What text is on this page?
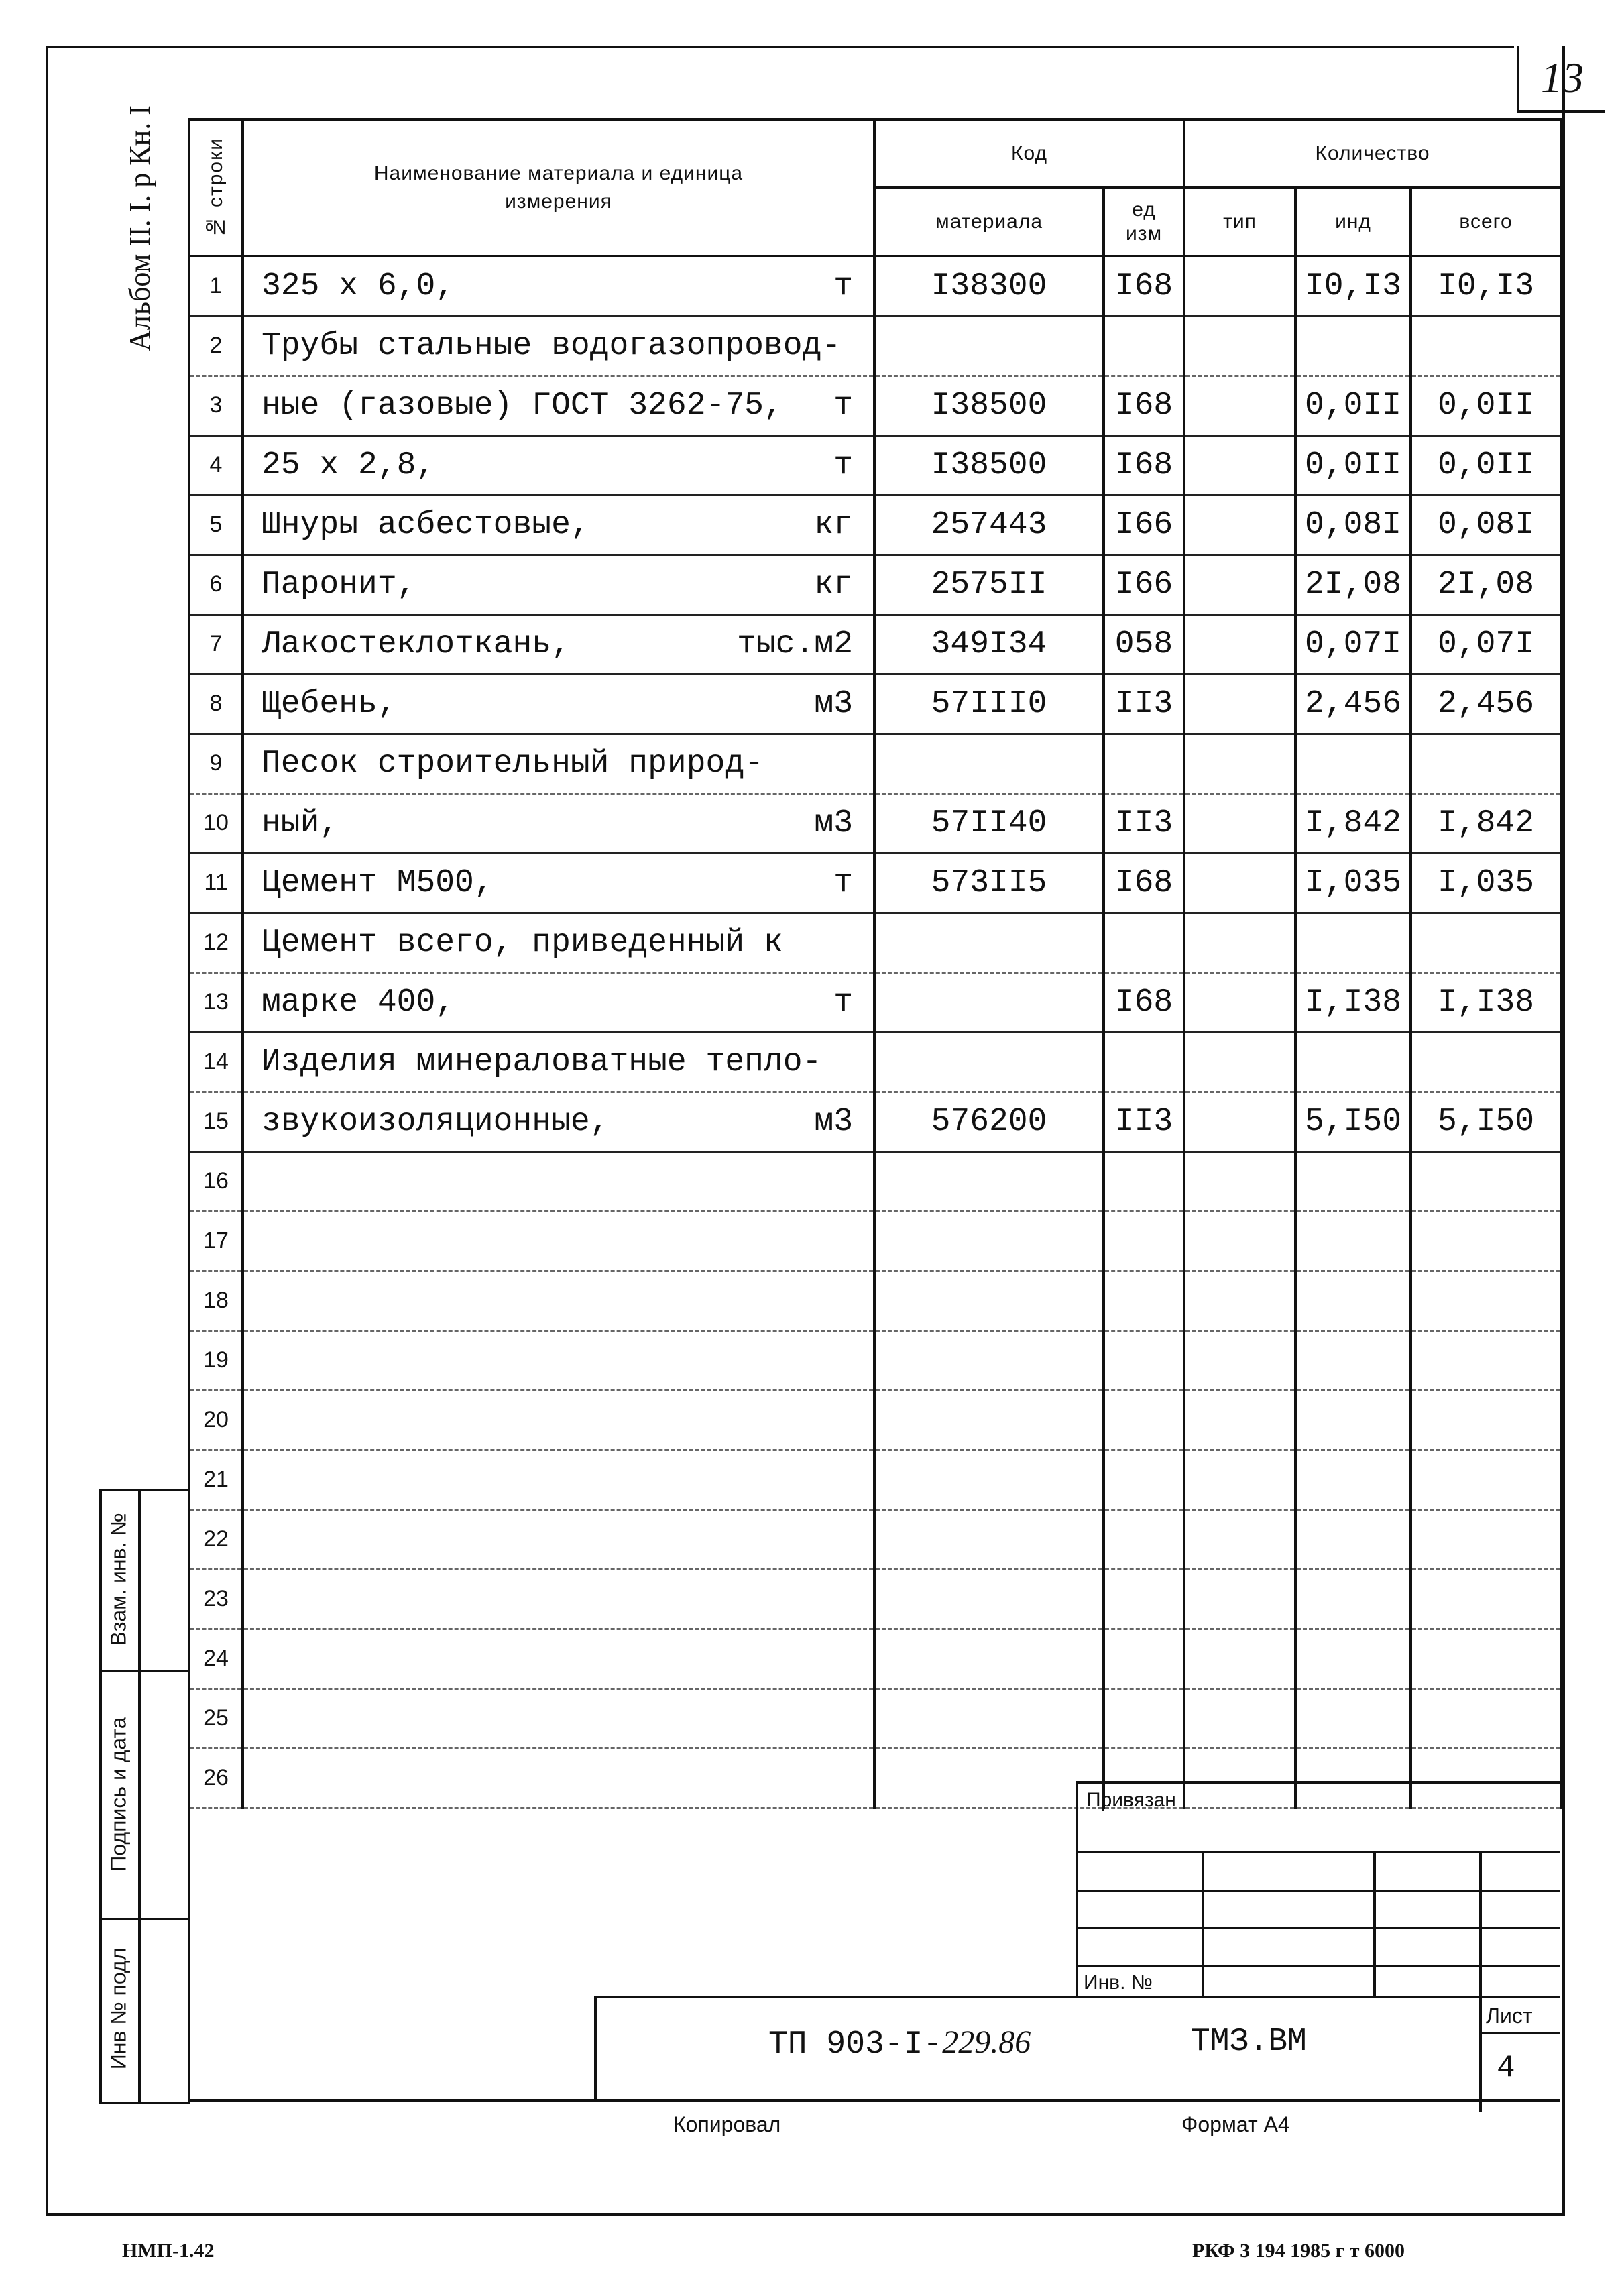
13
Альбом II. I. р Кн. I № строки	Наименование материала и единица измерения	Код		Количество		
		материала	ед изм	тип	инд	всего
1	325 х 6,0, т	I38300	I68		I0,I3	I0,I3
2	Трубы стальные водогазопровод-					
3	ные (газовые) ГОСТ 3262-75, т	I38500	I68		0,0II	0,0II
4	25 х 2,8, т	I38500	I68		0,0II	0,0II
5	Шнуры асбестовые, кг	257443	I66		0,08I	0,08I
6	Паронит, кг	2575II	I66		2I,08	2I,08
7	Лакостеклоткань, тыс.м2	349I34	058		0,07I	0,07I
8	Щебень, м3	57III0	II3		2,456	2,456
9	Песок строительный природ-					
10	ный, м3	57II40	II3		I,842	I,842
11	Цемент М500, т	573II5	I68		I,035	I,035
12	Цемент всего, приведенный к					
13	марке 400, т		I68		I,I38	I,I38
14	Изделия минераловатные тепло-					
15	звукоизоляционные, м3	576200	II3		5,I50	5,I50
16						
17						
18						
19						
20						
21						
22						
23						
24						
25						
26						
Взам. инв. №
Подпись и дата
Инв № подл
Привязан
Инв. №
Лист
4
ТП 903-I-229.86	ТМЗ.ВМ
Копировал	Формат А4
НМП-1.42	РКФ 3 194 1985 г т 6000
